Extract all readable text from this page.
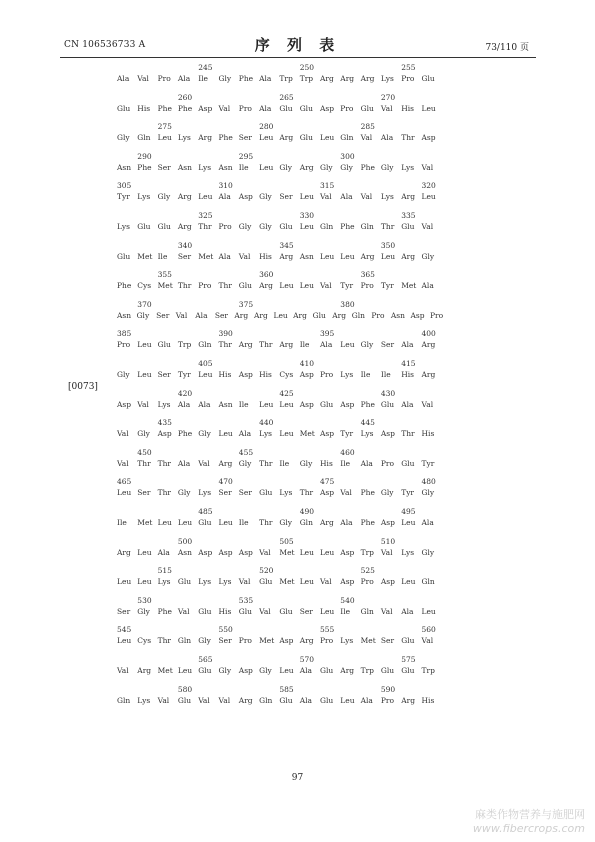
CN 106536733 A	序 列 表	73/110 页
[0073]
245	250	255
Ala Val Pro Ala Ile Gly Phe Ala Trp Trp Arg Arg Arg Lys Pro Glu
260	265	270
Glu His Phe Phe Asp Val Pro Ala Glu Glu Asp Pro Glu Val His Leu
275	280	285
Gly Gln Leu Lys Arg Phe Ser Leu Arg Glu Leu Gln Val Ala Thr Asp
290	295	300
Asn Phe Ser Asn Lys Asn Ile Leu Gly Arg Gly Gly Phe Gly Lys Val
305	310	315	320
Tyr Lys Gly Arg Leu Ala Asp Gly Ser Leu Val Ala Val Lys Arg Leu
325	330	335
Lys Glu Glu Arg Thr Pro Gly Gly Glu Leu Gln Phe Gln Thr Glu Val
340	345	350
Glu Met Ile Ser Met Ala Val His Arg Asn Leu Leu Arg Leu Arg Gly
355	360	365
Phe Cys Met Thr Pro Thr Glu Arg Leu Leu Val Tyr Pro Tyr Met Ala
370	375	380
Asn Gly Ser Val Ala Ser Arg Arg Leu Arg Glu Arg Gln Pro Asn Asp Pro
385	390	395	400
Pro Leu Glu Trp Gln Thr Arg Thr Arg Ile Ala Leu Gly Ser Ala Arg
405	410	415
Gly Leu Ser Tyr Leu His Asp His Cys Asp Pro Lys Ile Ile His Arg
420	425	430
Asp Val Lys Ala Ala Asn Ile Leu Leu Asp Glu Asp Phe Glu Ala Val
435	440	445
Val Gly Asp Phe Gly Leu Ala Lys Leu Met Asp Tyr Lys Asp Thr His
450	455	460
Val Thr Thr Ala Val Arg Gly Thr Ile Gly His Ile Ala Pro Glu Tyr
465	470	475	480
Leu Ser Thr Gly Lys Ser Ser Glu Lys Thr Asp Val Phe Gly Tyr Gly
485	490	495
Ile Met Leu Leu Glu Leu Ile Thr Gly Gln Arg Ala Phe Asp Leu Ala
500	505	510
Arg Leu Ala Asn Asp Asp Asp Val Met Leu Leu Asp Trp Val Lys Gly
515	520	525
Leu Leu Lys Glu Lys Lys Val Glu Met Leu Val Asp Pro Asp Leu Gln
530	535	540
Ser Gly Phe Val Glu His Glu Val Glu Ser Leu Ile Gln Val Ala Leu
545	550	555	560
Leu Cys Thr Gln Gly Ser Pro Met Asp Arg Pro Lys Met Ser Glu Val
565	570	575
Val Arg Met Leu Glu Gly Asp Gly Leu Ala Glu Arg Trp Glu Glu Trp
580	585	590
Gln Lys Val Glu Val Val Arg Gln Glu Ala Glu Leu Ala Pro Arg His
97
麻类作物营养与施肥网
www.fibercrops.com
